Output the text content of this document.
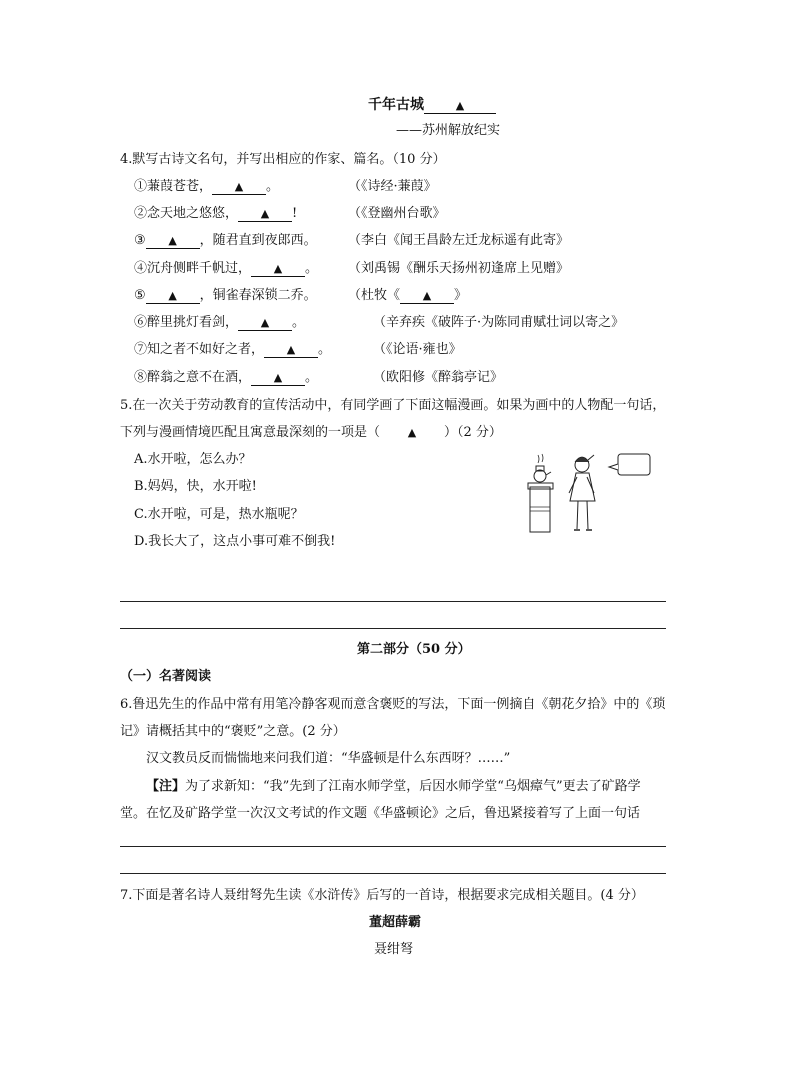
千年古城	▲
——苏州解放纪实
4.默写古诗文名句，并写出相应的作家、篇名。（10 分）
①蒹葭苍苍， ▲ 。	（《诗经·蒹葭》
②念天地之悠悠， ▲ !	（《登幽州台歌》
③ ▲ ，随君直到夜郎西。 （李白《闻王昌龄左迁龙标遥有此寄》
④沉舟侧畔千帆过， ▲ 。 （刘禹锡《酬乐天扬州初逢席上见赠》
⑤ ▲ ，铜雀春深锁二乔。 （杜牧《 ▲ 》
⑥醉里挑灯看剑， ▲ 。	（辛弃疾《破阵子·为陈同甫赋壮词以寄之》
⑦知之者不如好之者， ▲ 。	（《论语·雍也》
⑧醉翁之意不在酒， ▲ 。	（欧阳修《醉翁亭记》
5.在一次关于劳动教育的宣传活动中，有同学画了下面这幅漫画。如果为画中的人物配一句话，
下列与漫画情境匹配且寓意最深刻的一项是（	▲ ）（2 分）
A.水开啦，怎么办？
B.妈妈，快，水开啦!
C.水开啦，可是，热水瓶呢？
D.我长大了，这点小事可难不倒我!
第二部分（50 分）
（一）名著阅读
6.鲁迅先生的作品中常有用笔冷静客观而意含褒贬的写法，下面一例摘自《朝花夕拾》中的《琐
记》请概括其中的“褒贬”之意。(2 分）
汉文教员反而惴惴地来问我们道：“华盛顿是什么东西呀？……”
【注】为了求新知：“我”先到了江南水师学堂，后因水师学堂“乌烟瘴气”更去了矿路学
堂。在忆及矿路学堂一次汉文考试的作文题《华盛顿论》之后，鲁迅紧接着写了上面一句话
7.下面是著名诗人聂绀弩先生读《水浒传》后写的一首诗，根据要求完成相关题目。(4 分）
董超薛霸
聂绀弩
